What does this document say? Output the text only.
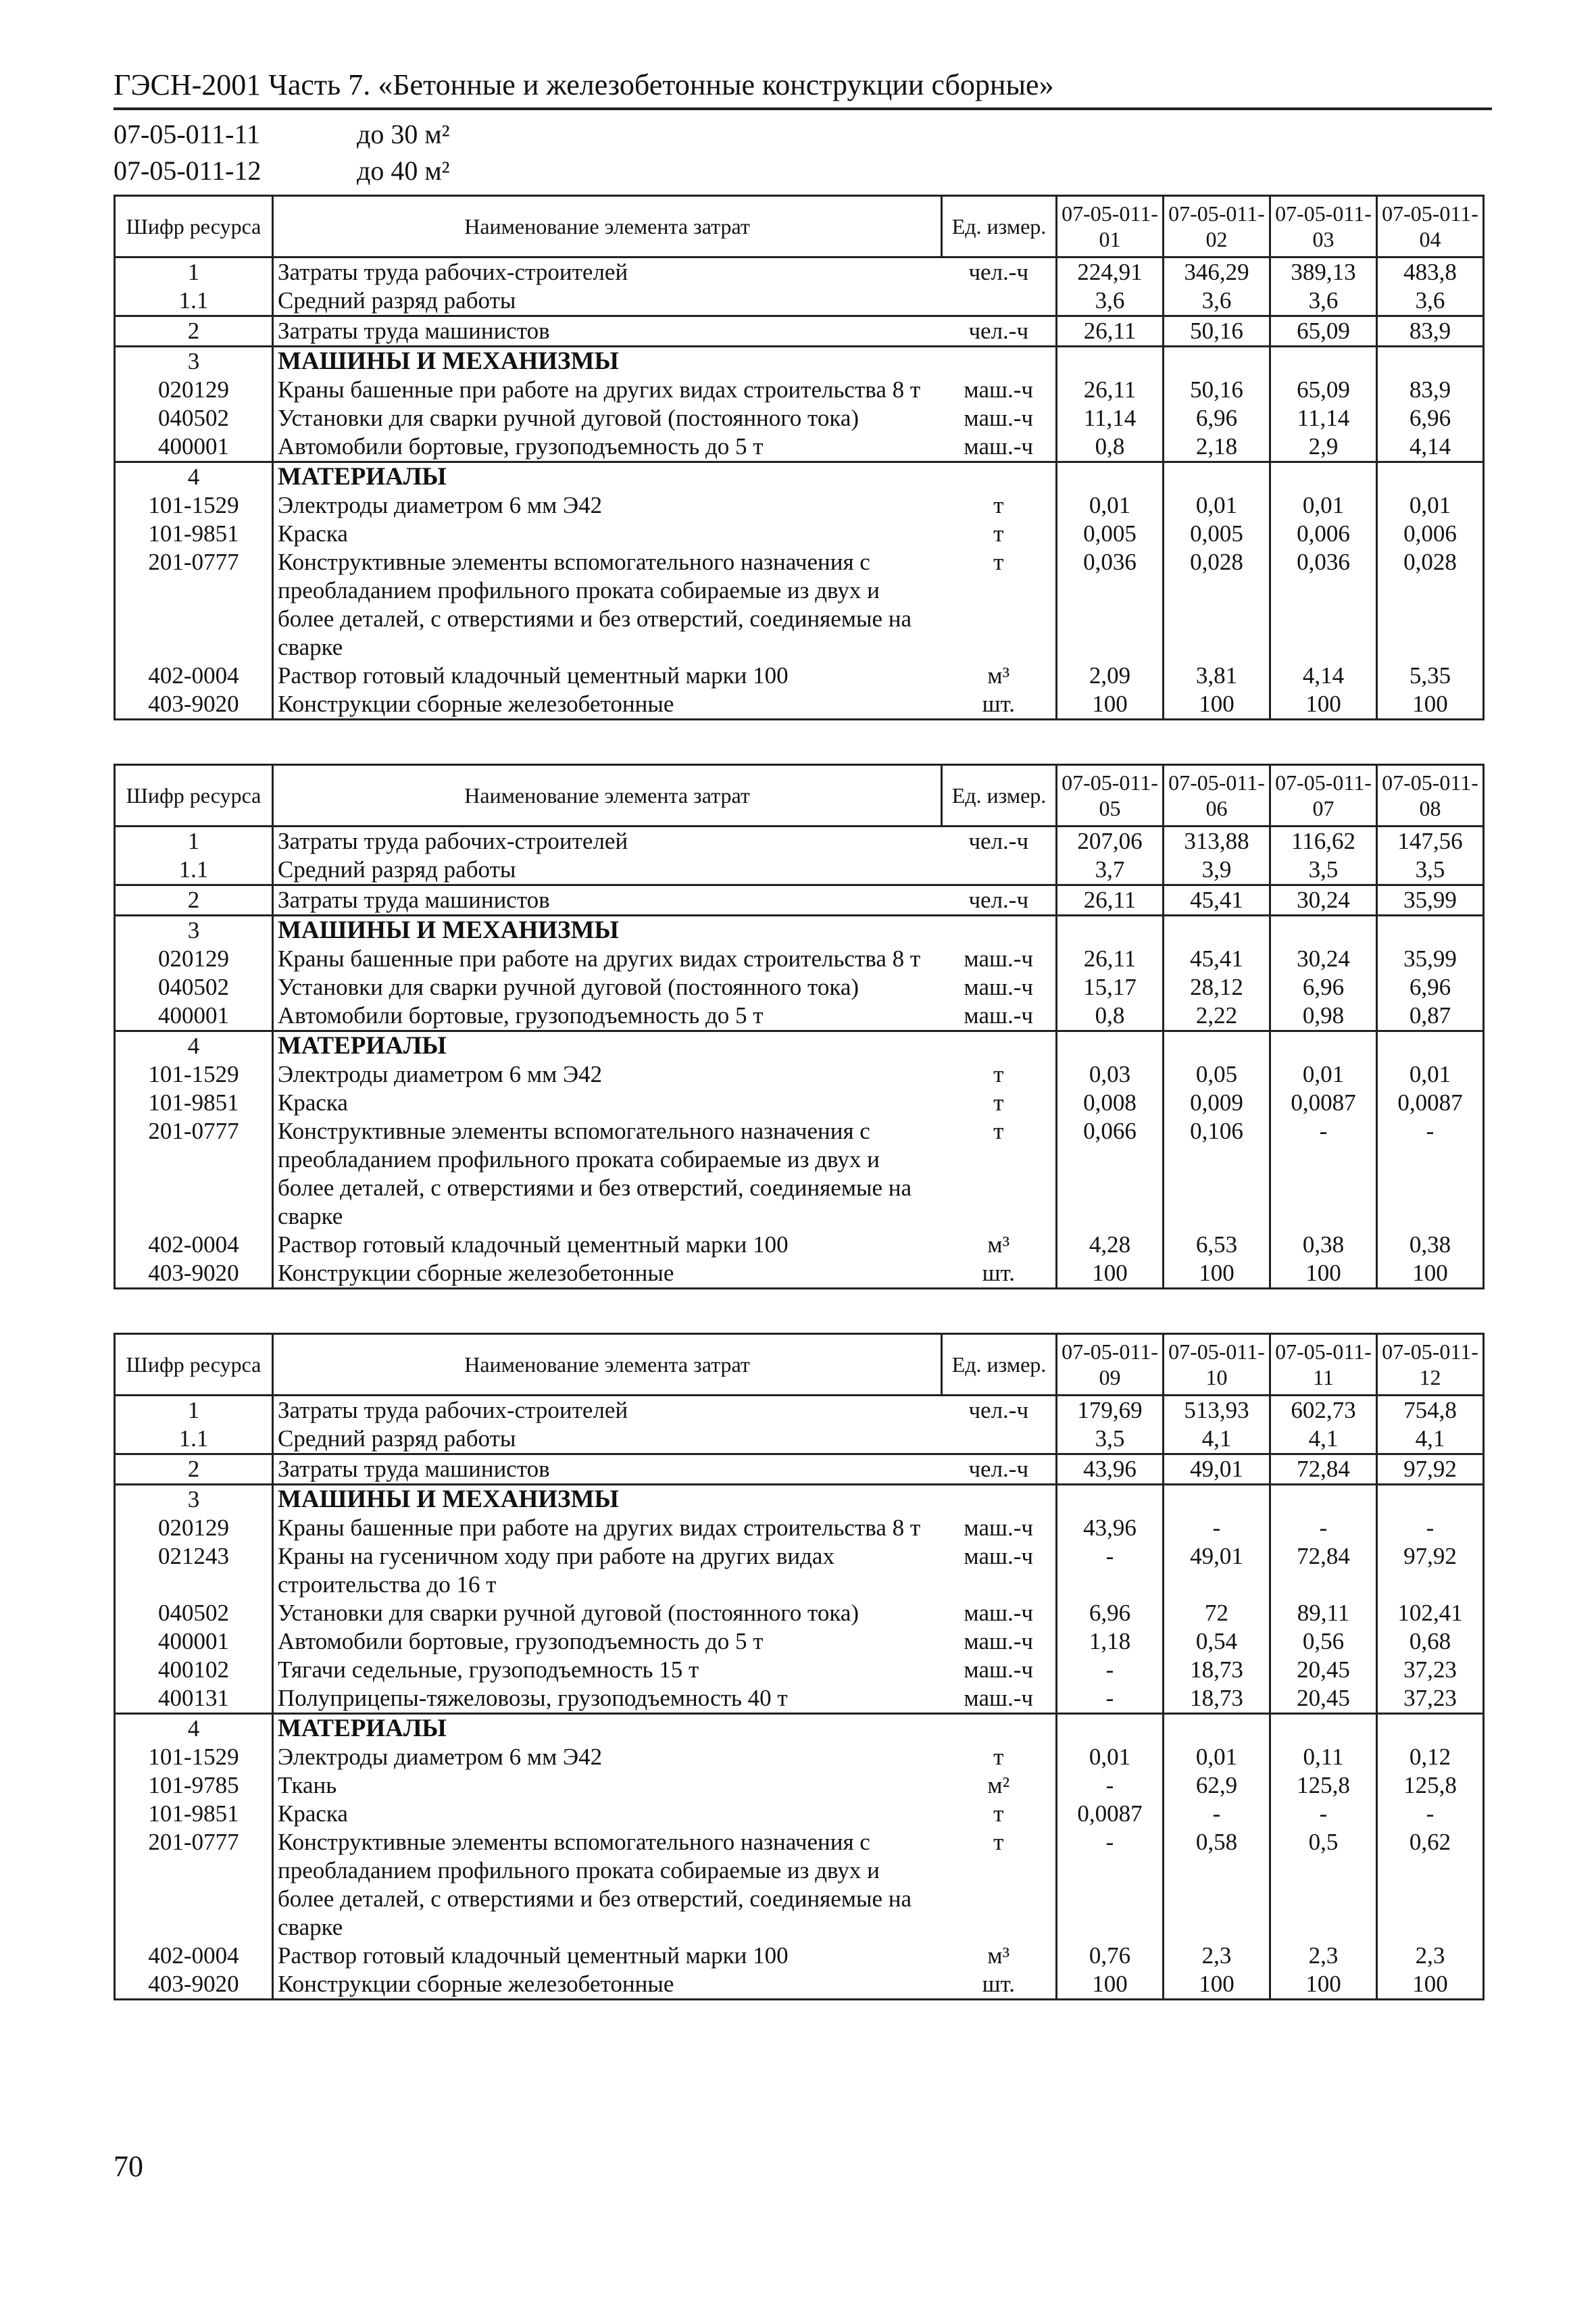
ГЭСН-2001 Часть 7. «Бетонные и железобетонные конструкции сборные»
07-05-011-11	до 30 м²
07-05-011-12	до 40 м²
Шифр ресурса	Наименование элемента затрат	Ед. измер.	07-05-011-01	07-05-011-02	07-05-011-03	07-05-011-04
1	Затраты труда рабочих-строителей	чел.-ч	224,91	346,29	389,13	483,8
1.1	Средний разряд работы		3,6	3,6	3,6	3,6
2	Затраты труда машинистов	чел.-ч	26,11	50,16	65,09	83,9
3	МАШИНЫ И МЕХАНИЗМЫ					
020129	Краны башенные при работе на других видах строительства 8 т	маш.-ч	26,11	50,16	65,09	83,9
040502	Установки для сварки ручной дуговой (постоянного тока)	маш.-ч	11,14	6,96	11,14	6,96
400001	Автомобили бортовые, грузоподъемность до 5 т	маш.-ч	0,8	2,18	2,9	4,14
4	МАТЕРИАЛЫ					
101-1529	Электроды диаметром 6 мм Э42	т	0,01	0,01	0,01	0,01
101-9851	Краска	т	0,005	0,005	0,006	0,006
201-0777	Конструктивные элементы вспомогательного назначения с преобладанием профильного проката собираемые из двух и более деталей, с отверстиями и без отверстий, соединяемые на сварке	т	0,036	0,028	0,036	0,028
402-0004	Раствор готовый кладочный цементный марки 100	м³	2,09	3,81	4,14	5,35
403-9020	Конструкции сборные железобетонные	шт.	100	100	100	100
Шифр ресурса	Наименование элемента затрат	Ед. измер.	07-05-011-05	07-05-011-06	07-05-011-07	07-05-011-08
1	Затраты труда рабочих-строителей	чел.-ч	207,06	313,88	116,62	147,56
1.1	Средний разряд работы		3,7	3,9	3,5	3,5
2	Затраты труда машинистов	чел.-ч	26,11	45,41	30,24	35,99
3	МАШИНЫ И МЕХАНИЗМЫ					
020129	Краны башенные при работе на других видах строительства 8 т	маш.-ч	26,11	45,41	30,24	35,99
040502	Установки для сварки ручной дуговой (постоянного тока)	маш.-ч	15,17	28,12	6,96	6,96
400001	Автомобили бортовые, грузоподъемность до 5 т	маш.-ч	0,8	2,22	0,98	0,87
4	МАТЕРИАЛЫ					
101-1529	Электроды диаметром 6 мм Э42	т	0,03	0,05	0,01	0,01
101-9851	Краска	т	0,008	0,009	0,0087	0,0087
201-0777	Конструктивные элементы вспомогательного назначения с преобладанием профильного проката собираемые из двух и более деталей, с отверстиями и без отверстий, соединяемые на сварке	т	0,066	0,106	-	-
402-0004	Раствор готовый кладочный цементный марки 100	м³	4,28	6,53	0,38	0,38
403-9020	Конструкции сборные железобетонные	шт.	100	100	100	100
Шифр ресурса	Наименование элемента затрат	Ед. измер.	07-05-011-09	07-05-011-10	07-05-011-11	07-05-011-12
1	Затраты труда рабочих-строителей	чел.-ч	179,69	513,93	602,73	754,8
1.1	Средний разряд работы		3,5	4,1	4,1	4,1
2	Затраты труда машинистов	чел.-ч	43,96	49,01	72,84	97,92
3	МАШИНЫ И МЕХАНИЗМЫ					
020129	Краны башенные при работе на других видах строительства 8 т	маш.-ч	43,96	-	-	-
021243	Краны на гусеничном ходу при работе на других видах строительства до 16 т	маш.-ч	-	49,01	72,84	97,92
040502	Установки для сварки ручной дуговой (постоянного тока)	маш.-ч	6,96	72	89,11	102,41
400001	Автомобили бортовые, грузоподъемность до 5 т	маш.-ч	1,18	0,54	0,56	0,68
400102	Тягачи седельные, грузоподъемность 15 т	маш.-ч	-	18,73	20,45	37,23
400131	Полуприцепы-тяжеловозы, грузоподъемность 40 т	маш.-ч	-	18,73	20,45	37,23
4	МАТЕРИАЛЫ					
101-1529	Электроды диаметром 6 мм Э42	т	0,01	0,01	0,11	0,12
101-9785	Ткань	м²	-	62,9	125,8	125,8
101-9851	Краска	т	0,0087	-	-	-
201-0777	Конструктивные элементы вспомогательного назначения с преобладанием профильного проката собираемые из двух и более деталей, с отверстиями и без отверстий, соединяемые на сварке	т	-	0,58	0,5	0,62
402-0004	Раствор готовый кладочный цементный марки 100	м³	0,76	2,3	2,3	2,3
403-9020	Конструкции сборные железобетонные	шт.	100	100	100	100
70
